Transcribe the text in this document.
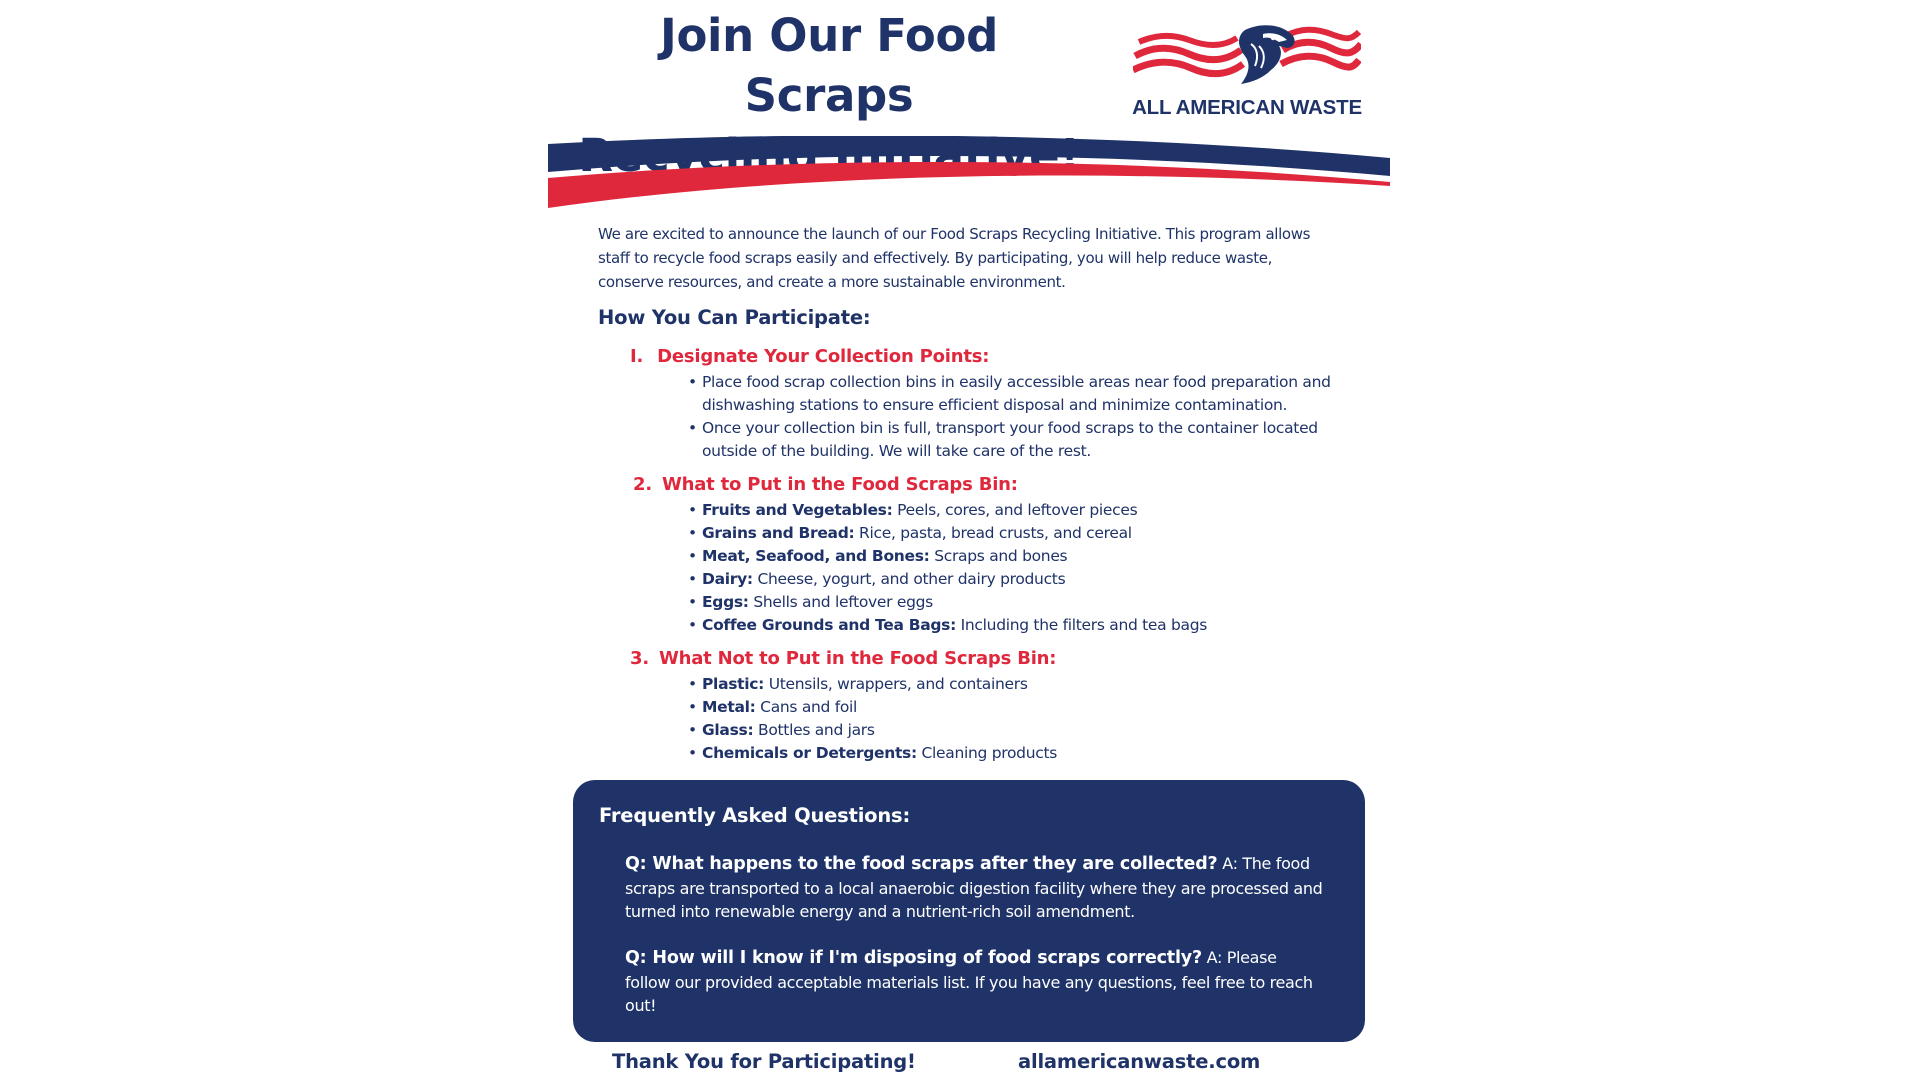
Join Our Food Scraps	ALL AMERICAN WASTE

We are excited to announce the launch of our Food Scraps Recycling Initiative. This program allows staff to recycle food scraps easily and effectively. By participating, you will help reduce waste, conserve resources, and create a more sustainable environment.

How You Can Participate:
I. Designate Your Collection Points:
• Place food scrap collection bins in easily accessible areas near food preparation and dishwashing stations to ensure efficient disposal and minimize contamination.
• Once your collection bin is full, transport your food scraps to the container located outside of the building. We will take care of the rest.
2. What to Put in the Food Scraps Bin:
• Fruits and Vegetables: Peels, cores, and leftover pieces
• Grains and Bread: Rice, pasta, bread crusts, and cereal
• Meat, Seafood, and Bones: Scraps and bones
• Dairy: Cheese, yogurt, and other dairy products
• Eggs: Shells and leftover eggs
• Coffee Grounds and Tea Bags: Including the filters and tea bags
3. What Not to Put in the Food Scraps Bin:
• Plastic: Utensils, wrappers, and containers
• Metal: Cans and foil
• Glass: Bottles and jars
• Chemicals or Detergents: Cleaning products
Frequently Asked Questions:

Q: What happens to the food scraps after they are collected? A: The food scraps are transported to a local anaerobic digestion facility where they are processed and turned into renewable energy and a nutrient-rich soil amendment.

Q: How will I know if I'm disposing of food scraps correctly? A: Please follow our provided acceptable materials list. If you have any questions, feel free to reach out!

Thank You for Participating!	allamericanwaste.com
